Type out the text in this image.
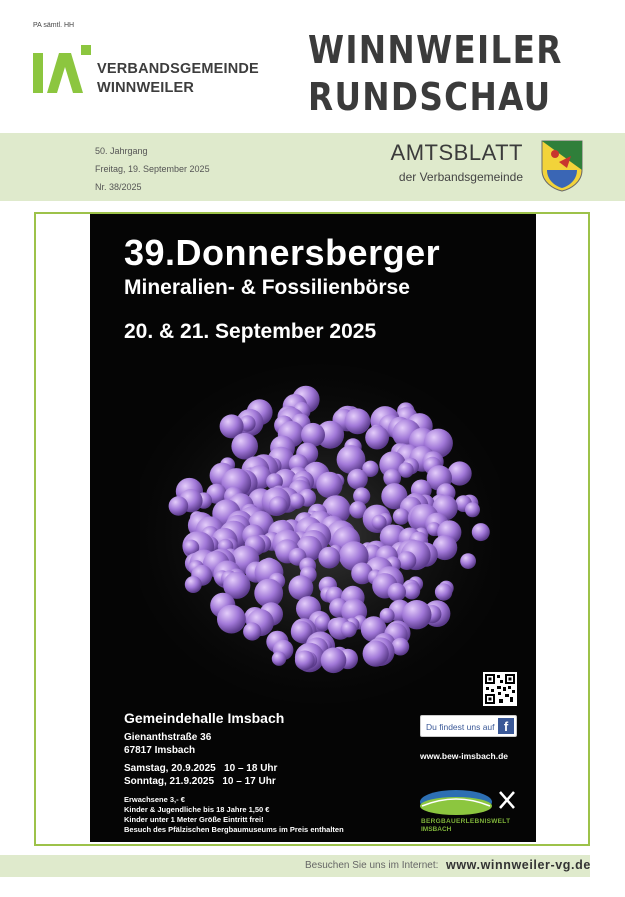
PA sämtl. HH
VERBANDSGEMEINDE
WINNWEILER
WINNWEILER
RUNDSCHAU
50. Jahrgang
Freitag, 19. September 2025
Nr. 38/2025
AMTSBLATT
der Verbandsgemeinde
39.Donnersberger
Mineralien- & Fossilienbörse
20. & 21. September 2025
Du findest uns auf f
www.bew-imsbach.de
Gemeindehalle Imsbach
Gienanthstraße 36
67817 Imsbach
Samstag, 20.9.2025   10 – 18 Uhr
Sonntag, 21.9.2025   10 – 17 Uhr
Erwachsene 3,- €
Kinder & Jugendliche bis 18 Jahre 1,50 €
Kinder unter 1 Meter Größe Eintritt frei!
Besuch des Pfälzischen Bergbaumuseums im Preis enthalten
BERGBAUERLEBNISWELT
IMSBACH
Besuchen Sie uns im Internet: www.winnweiler-vg.de
